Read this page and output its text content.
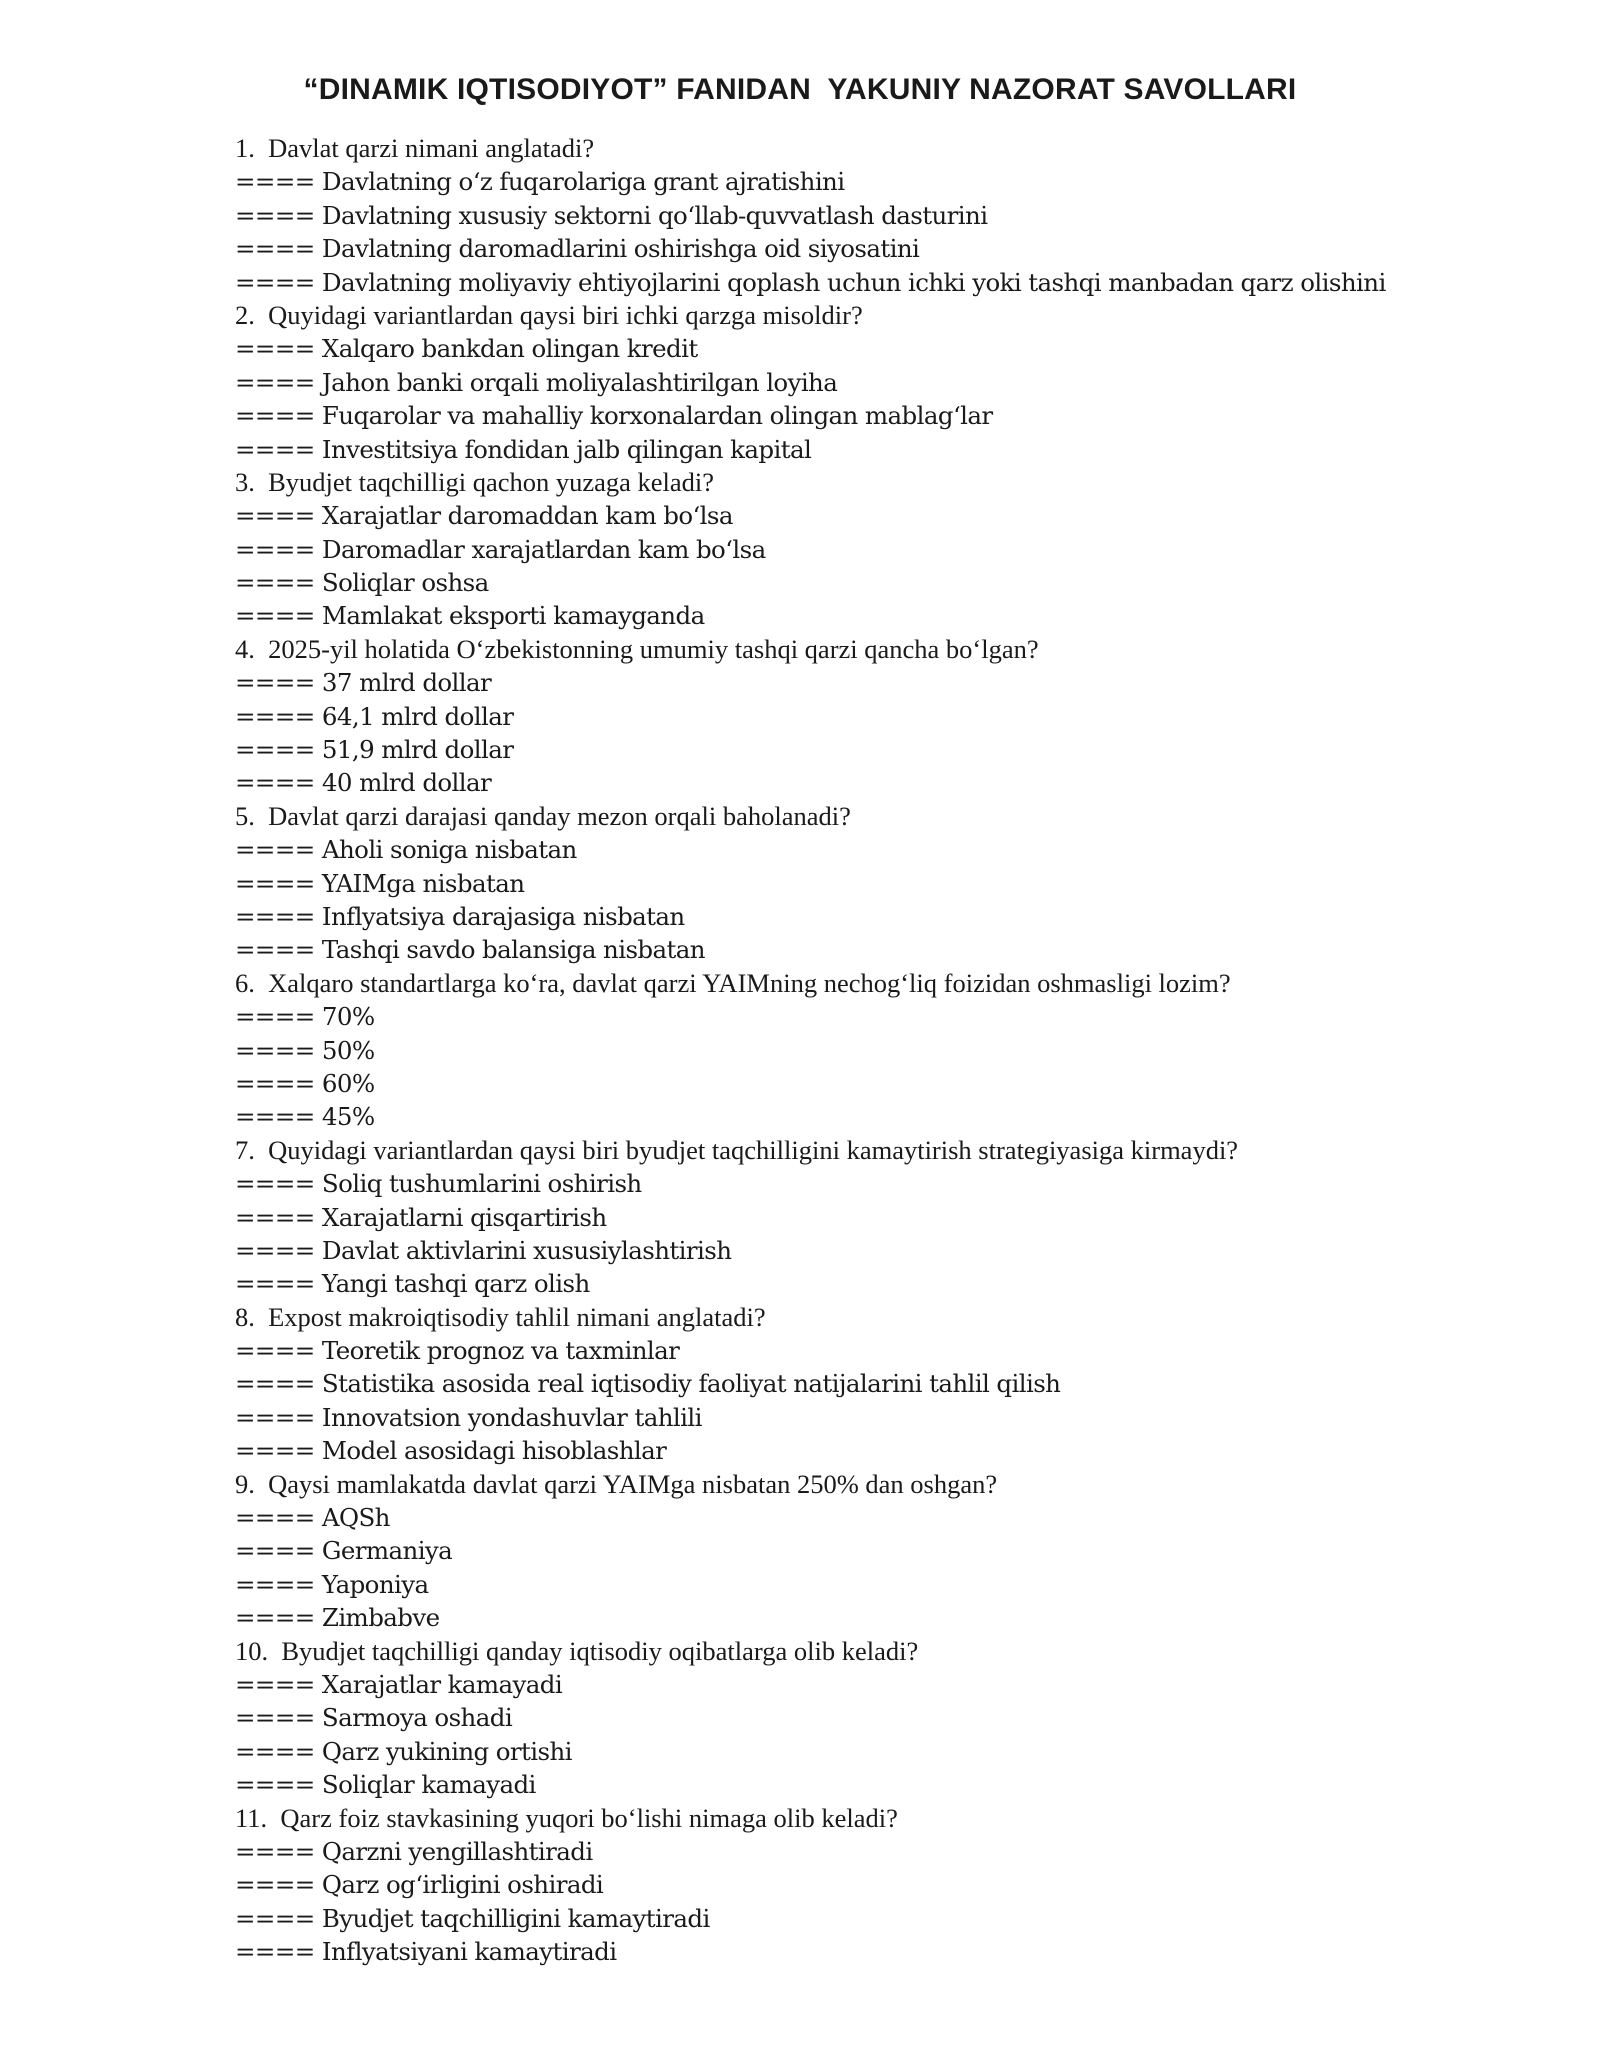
“DINAMIK IQTISODIYOT” FANIDAN  YAKUNIY NAZORAT SAVOLLARI
1.  Davlat qarzi nimani anglatadi?
==== Davlatning oʻz fuqarolariga grant ajratishini
==== Davlatning xususiy sektorni qoʻllab-quvvatlash dasturini
==== Davlatning daromadlarini oshirishga oid siyosatini
==== Davlatning moliyaviy ehtiyojlarini qoplash uchun ichki yoki tashqi manbadan qarz olishini
2.  Quyidagi variantlardan qaysi biri ichki qarzga misoldir?
==== Xalqaro bankdan olingan kredit
==== Jahon banki orqali moliyalashtirilgan loyiha
==== Fuqarolar va mahalliy korxonalardan olingan mablagʻlar
==== Investitsiya fondidan jalb qilingan kapital
3.  Byudjet taqchilligi qachon yuzaga keladi?
==== Xarajatlar daromaddan kam boʻlsa
==== Daromadlar xarajatlardan kam boʻlsa
==== Soliqlar oshsa
==== Mamlakat eksporti kamayganda
4.  2025-yil holatida Oʻzbekistonning umumiy tashqi qarzi qancha boʻlgan?
==== 37 mlrd dollar
==== 64,1 mlrd dollar
==== 51,9 mlrd dollar
==== 40 mlrd dollar
5.  Davlat qarzi darajasi qanday mezon orqali baholanadi?
==== Aholi soniga nisbatan
==== YAIMga nisbatan
==== Inflyatsiya darajasiga nisbatan
==== Tashqi savdo balansiga nisbatan
6.  Xalqaro standartlarga koʻra, davlat qarzi YAIMning nechogʻliq foizidan oshmasligi lozim?
==== 70%
==== 50%
==== 60%
==== 45%
7.  Quyidagi variantlardan qaysi biri byudjet taqchilligini kamaytirish strategiyasiga kirmaydi?
==== Soliq tushumlarini oshirish
==== Xarajatlarni qisqartirish
==== Davlat aktivlarini xususiylashtirish
==== Yangi tashqi qarz olish
8.  Expost makroiqtisodiy tahlil nimani anglatadi?
==== Teoretik prognoz va taxminlar
==== Statistika asosida real iqtisodiy faoliyat natijalarini tahlil qilish
==== Innovatsion yondashuvlar tahlili
==== Model asosidagi hisoblashlar
9.  Qaysi mamlakatda davlat qarzi YAIMga nisbatan 250% dan oshgan?
==== AQSh
==== Germaniya
==== Yaponiya
==== Zimbabve
10.  Byudjet taqchilligi qanday iqtisodiy oqibatlarga olib keladi?
==== Xarajatlar kamayadi
==== Sarmoya oshadi
==== Qarz yukining ortishi
==== Soliqlar kamayadi
11.  Qarz foiz stavkasining yuqori boʻlishi nimaga olib keladi?
==== Qarzni yengillashtiradi
==== Qarz ogʻirligini oshiradi
==== Byudjet taqchilligini kamaytiradi
==== Inflyatsiyani kamaytiradi
